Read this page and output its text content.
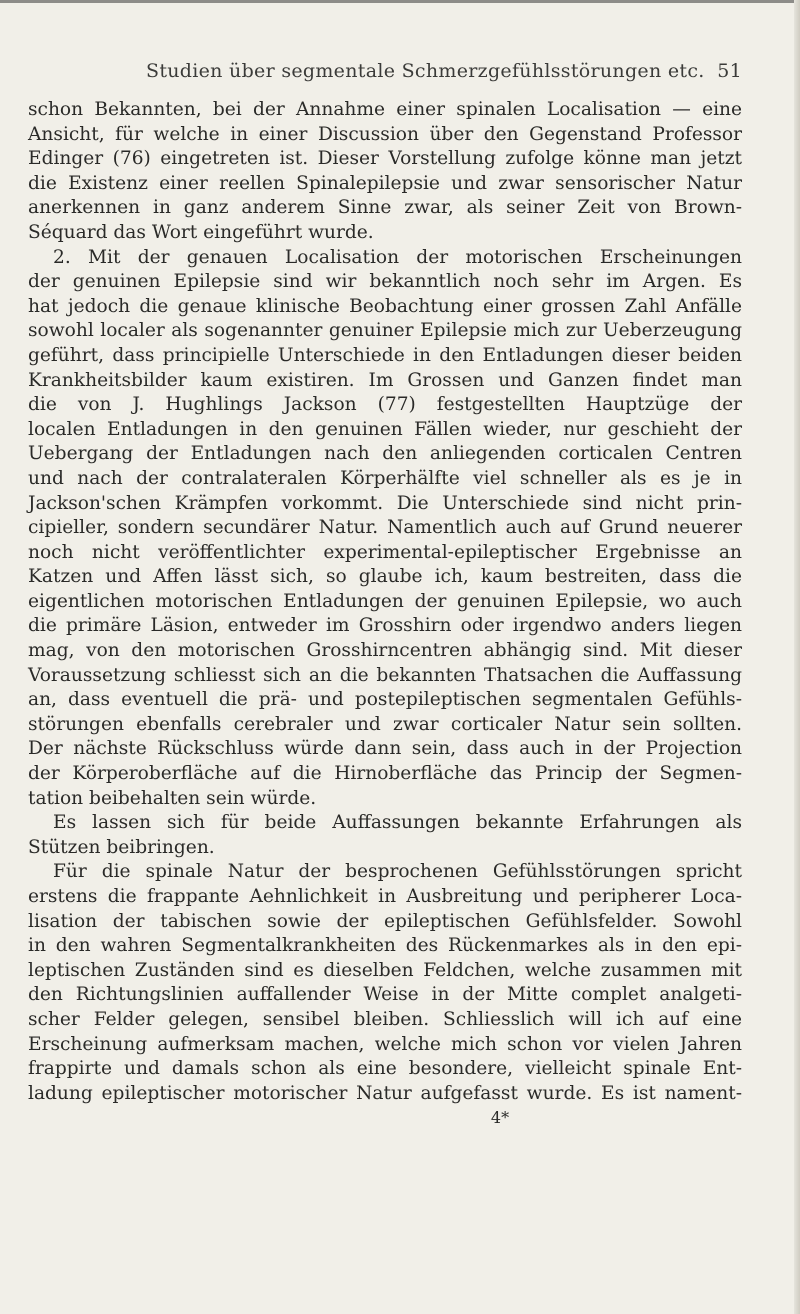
Studien über segmentale Schmerzgefühlsstörungen etc. 51
schon Bekannten, bei der Annahme einer spinalen Localisation — eine
Ansicht, für welche in einer Discussion über den Gegenstand Professor
Edinger (76) eingetreten ist. Dieser Vorstellung zufolge könne man jetzt
die Existenz einer reellen Spinalepilepsie und zwar sensorischer Natur
anerkennen in ganz anderem Sinne zwar, als seiner Zeit von Brown-
Séquard das Wort eingeführt wurde.
2. Mit der genauen Localisation der motorischen Erscheinungen
der genuinen Epilepsie sind wir bekanntlich noch sehr im Argen. Es
hat jedoch die genaue klinische Beobachtung einer grossen Zahl Anfälle
sowohl localer als sogenannter genuiner Epilepsie mich zur Ueberzeugung
geführt, dass principielle Unterschiede in den Entladungen dieser beiden
Krankheitsbilder kaum existiren. Im Grossen und Ganzen findet man
die von J. Hughlings Jackson (77) festgestellten Hauptzüge der
localen Entladungen in den genuinen Fällen wieder, nur geschieht der
Uebergang der Entladungen nach den anliegenden corticalen Centren
und nach der contralateralen Körperhälfte viel schneller als es je in
Jackson'schen Krämpfen vorkommt. Die Unterschiede sind nicht prin-
cipieller, sondern secundärer Natur. Namentlich auch auf Grund neuerer
noch nicht veröffentlichter experimental-epileptischer Ergebnisse an
Katzen und Affen lässt sich, so glaube ich, kaum bestreiten, dass die
eigentlichen motorischen Entladungen der genuinen Epilepsie, wo auch
die primäre Läsion, entweder im Grosshirn oder irgendwo anders liegen
mag, von den motorischen Grosshirncentren abhängig sind. Mit dieser
Voraussetzung schliesst sich an die bekannten Thatsachen die Auffassung
an, dass eventuell die prä- und postepileptischen segmentalen Gefühls-
störungen ebenfalls cerebraler und zwar corticaler Natur sein sollten.
Der nächste Rückschluss würde dann sein, dass auch in der Projection
der Körperoberfläche auf die Hirnoberfläche das Princip der Segmen-
tation beibehalten sein würde.
Es lassen sich für beide Auffassungen bekannte Erfahrungen als
Stützen beibringen.
Für die spinale Natur der besprochenen Gefühlsstörungen spricht
erstens die frappante Aehnlichkeit in Ausbreitung und peripherer Loca-
lisation der tabischen sowie der epileptischen Gefühlsfelder. Sowohl
in den wahren Segmentalkrankheiten des Rückenmarkes als in den epi-
leptischen Zuständen sind es dieselben Feldchen, welche zusammen mit
den Richtungslinien auffallender Weise in der Mitte complet analgeti-
scher Felder gelegen, sensibel bleiben. Schliesslich will ich auf eine
Erscheinung aufmerksam machen, welche mich schon vor vielen Jahren
frappirte und damals schon als eine besondere, vielleicht spinale Ent-
ladung epileptischer motorischer Natur aufgefasst wurde. Es ist nament-
4*
